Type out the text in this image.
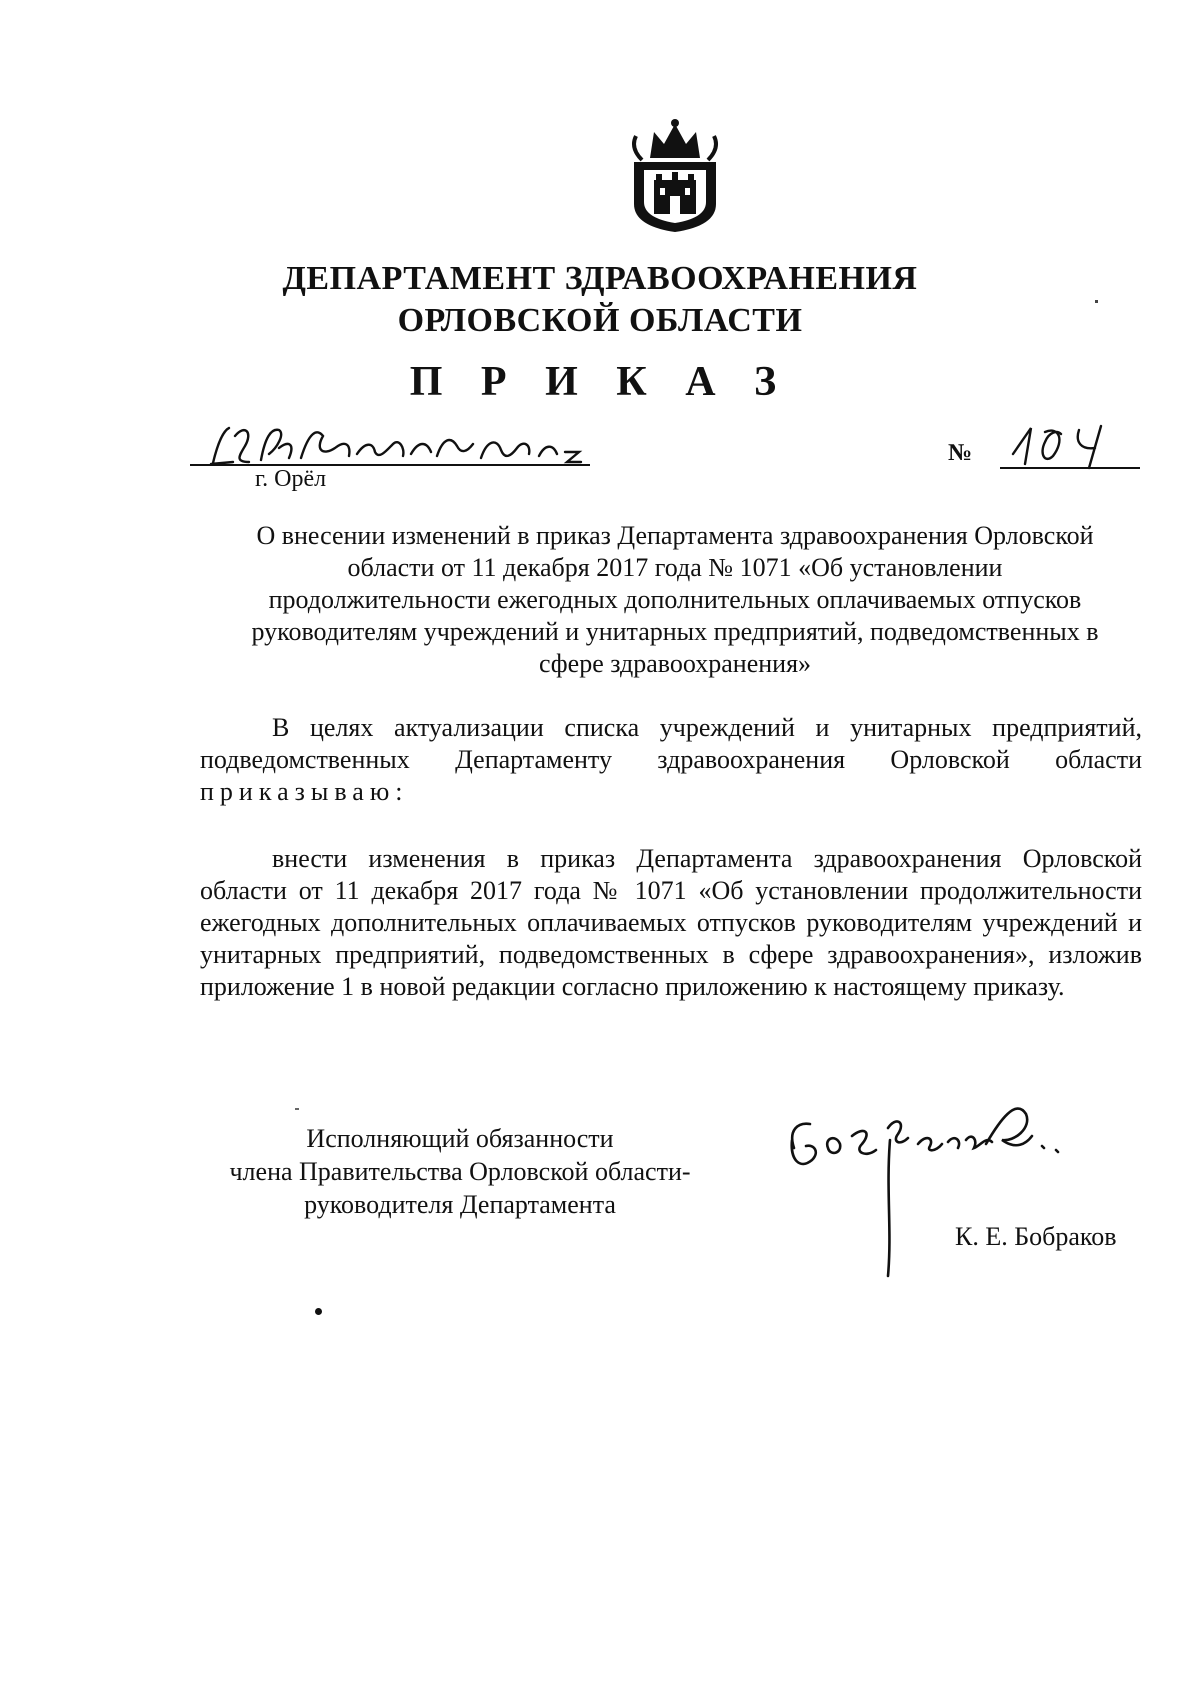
ДЕПАРТАМЕНТ ЗДРАВООХРАНЕНИЯ
ОРЛОВСКОЙ ОБЛАСТИ
П Р И К А З
г. Орёл
№
О внесении изменений в приказ Департамента здравоохранения Орловской
области от 11 декабря 2017 года № 1071 «Об установлении
продолжительности ежегодных дополнительных оплачиваемых отпусков
руководителям учреждений и унитарных предприятий, подведомственных в
сфере здравоохранения»
В целях актуализации списка учреждений и унитарных предприятий, подведомственных Департаменту здравоохранения Орловской области приказываю:
внести изменения в приказ Департамента здравоохранения Орловской области от 11 декабря 2017 года № 1071 «Об установлении продолжительности ежегодных дополнительных оплачиваемых отпусков руководителям учреждений и унитарных предприятий, подведомственных в сфере здравоохранения», изложив приложение 1 в новой редакции согласно приложению к настоящему приказу.
Исполняющий обязанности
члена Правительства Орловской области-
руководителя Департамента
К. Е. Бобраков
